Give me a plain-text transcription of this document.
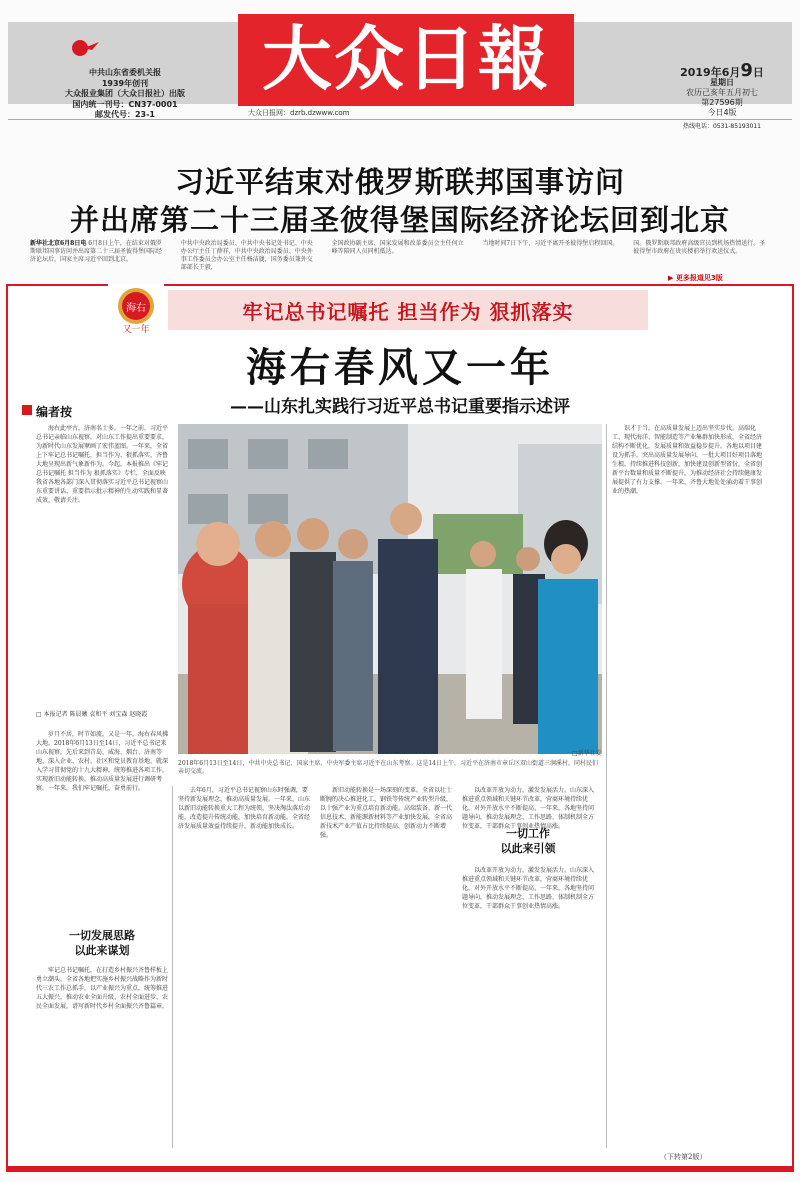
中共山东省委机关报
1939年创刊
大众报业集团（大众日报社）出版
国内统一刊号：CN37-0001
邮发代号：23-1
大众日報	2019年6月9日
星期日
农历己亥年五月初七
第27596期
今日4版
热线电话：0531-85193011
大众日报网：dzrb.dzwww.com
习近平结束对俄罗斯联邦国事访问
并出席第二十三届圣彼得堡国际经济论坛回到北京
新华社北京6月8日电 6月8日上午，在结束对俄罗斯联邦国事访问并出席第二十三届圣彼得堡国际经济论坛后，国家主席习近平回到北京。
中共中央政治局委员、中共中央书记处书记、中央办公厅主任丁薛祥，中共中央政治局委员、中央外事工作委员会办公室主任杨洁篪，国务委员兼外交部部长王毅，
全国政协副主席、国家发展和改革委员会主任何立峰等陪同人员同机抵达。
当地时间7日下午，习近平离开圣彼得堡启程回国。 国。俄罗斯联邦政府高级官员到机场热情送行。圣彼得堡市政府在贵宾楼前举行欢送仪式。
▶ 更多报道见3版
海右
又一年
牢记总书记嘱托 担当作为 狠抓落实
海右春风又一年
——山东扎实践行习近平总书记重要指示述评
编者按
海右此亭古，济南名士多。一年之前，习近平总书记亲临山东视察，对山东工作提出重要要求，为新时代山东发展擘画了宏伟蓝图。一年来，全省上下牢记总书记嘱托，担当作为、狠抓落实，齐鲁大地呈现出新气象新作为。今起，本报推出《牢记总书记嘱托 担当作为 狠抓落实》专栏，全面反映我省各地各部门深入贯彻落实习近平总书记视察山东重要讲话、重要指示批示精神的生动实践和显著成效，敬请关注。
□ 本报记者 陈晨曦 袁和平 刘宝森 赵晓霞
□新华社发
2018年6月13日至14日，中共中央总书记、国家主席、中央军委主席习近平在山东考察。这是14日上午，习近平在济南市章丘区双山街道三涧溪村，同村民们亲切交流。
岁月不居，时节如流。又是一年，海右春风拂大地。2018年6月13日至14日，习近平总书记来山东视察，先后来到青岛、威海、烟台、济南等地，深入企业、农村、社区和党员教育基地，就深入学习贯彻党的十九大精神，统筹推进各项工作，实现新旧动能转换，推动高质量发展进行调研考察。一年来，我们牢记嘱托，奋勇前行。
一切发展思路
以此来谋划
牢记总书记嘱托，在打造乡村振兴齐鲁样板上勇立潮头。全省各地把实施乡村振兴战略作为新时代三农工作总抓手，以产业振兴为重点，统筹推进五大振兴，推动农业全面升级、农村全面进步、农民全面发展，谱写新时代乡村全面振兴齐鲁篇章。
去年6月，习近平总书记视察山东时强调，要坚持新发展理念，推动高质量发展。一年来，山东以新旧动能转换重大工程为统领，坚决淘汰落后动能，改造提升传统动能，加快培育新动能，全省经济发展质量效益持续提升，新动能加快成长。
新旧动能转换是一场深刻的变革。全省以壮士断腕的决心推进化工、钢铁等传统产业转型升级，以十强产业为重点培育新动能。高端装备、新一代信息技术、新能源新材料等产业加快发展，全省高新技术产业产值占比持续提高，创新动力不断增强。
以改革开放为动力，激发发展活力。山东深入推进重点领域和关键环节改革，营商环境持续优化，对外开放水平不断提高。一年来，各地坚持问题导向，推动发展理念、工作思路、体制机制全方位变革，干部群众干事创业热情高涨。
一切工作
以此来引领
以改革开放为动力，激发发展活力。山东深入推进重点领域和关键环节改革，营商环境持续优化，对外开放水平不断提高。一年来，各地坚持问题导向，推动发展理念、工作思路、体制机制全方位变革，干部群众干事创业热情高涨。
识才于当，在高质量发展上迈出坚实步伐。高端化工、现代海洋、智能制造等产业集群加快形成，全省经济结构不断优化，发展质量和效益稳步提升。各地以项目建设为抓手，突出高质量发展导向，一批大项目好项目落地生根。持续推进科技创新，加快建设创新型省份，全省创新平台数量和质量不断提升，为推动经济社会持续健康发展提供了有力支撑。一年来，齐鲁大地处处涌动着干事创业的热潮。
（下转第2版）
